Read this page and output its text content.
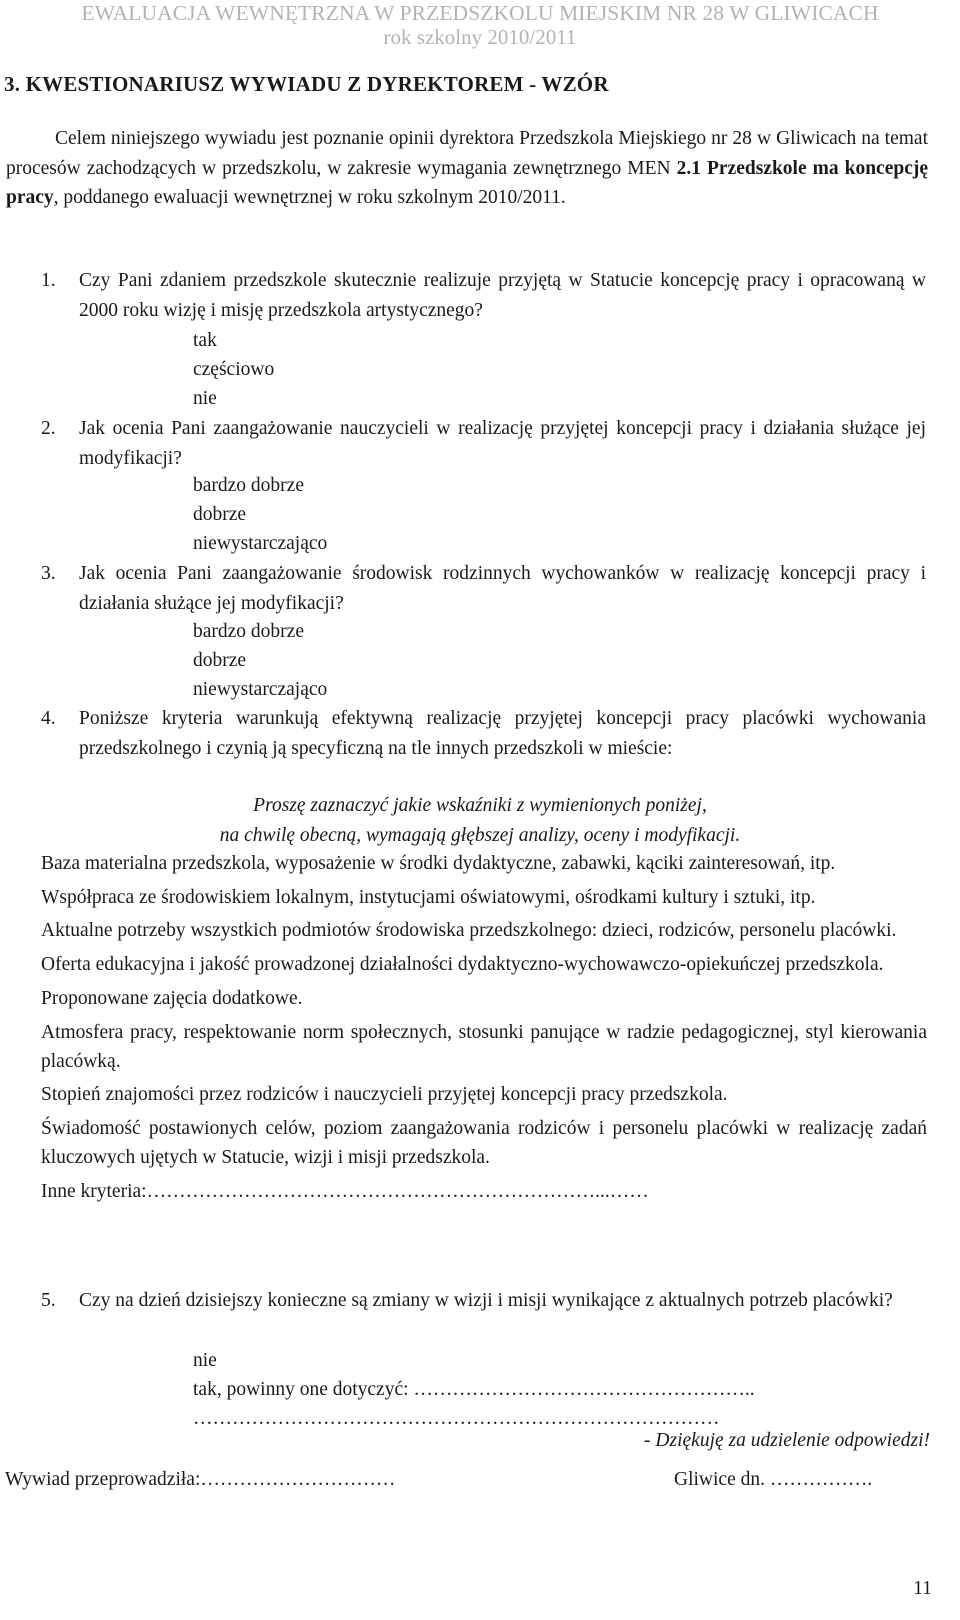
EWALUACJA WEWNĘTRZNA W PRZEDSZKOLU MIEJSKIM NR 28 W GLIWICACH
rok szkolny 2010/2011
3. KWESTIONARIUSZ WYWIADU Z DYREKTOREM - WZÓR
Celem niniejszego wywiadu jest poznanie opinii dyrektora Przedszkola Miejskiego nr 28 w Gliwicach na temat procesów zachodzących w przedszkolu, w zakresie wymagania zewnętrznego MEN 2.1 Przedszkole ma koncepcję pracy, poddanego ewaluacji wewnętrznej w roku szkolnym 2010/2011.
1. Czy Pani zdaniem przedszkole skutecznie realizuje przyjętą w Statucie koncepcję pracy i opracowaną w 2000 roku wizję i misję przedszkola artystycznego?
tak
częściowo
nie
2. Jak ocenia Pani zaangażowanie nauczycieli w realizację przyjętej koncepcji pracy i działania służące jej modyfikacji?
bardzo dobrze
dobrze
niewystarczająco
3. Jak ocenia Pani zaangażowanie środowisk rodzinnych wychowanków w realizację koncepcji pracy i działania służące jej modyfikacji?
bardzo dobrze
dobrze
niewystarczająco
4. Poniższe kryteria warunkują efektywną realizację przyjętej koncepcji pracy placówki wychowania przedszkolnego i czynią ją specyficzną na tle innych przedszkoli w mieście:
Proszę zaznaczyć jakie wskaźniki z wymienionych poniżej,
na chwilę obecną, wymagają głębszej analizy, oceny i modyfikacji.

Baza materialna przedszkola, wyposażenie w środki dydaktyczne, zabawki, kąciki zainteresowań, itp.

Współpraca ze środowiskiem lokalnym, instytucjami oświatowymi, ośrodkami kultury i sztuki, itp.

Aktualne potrzeby wszystkich podmiotów środowiska przedszkolnego: dzieci, rodziców, personelu placówki.

Oferta edukacyjna i jakość prowadzonej działalności dydaktyczno-wychowawczo-opiekuńczej przedszkola.

Proponowane zajęcia dodatkowe.

Atmosfera pracy, respektowanie norm społecznych, stosunki panujące w radzie pedagogicznej, styl kierowania placówką.

Stopień znajomości przez rodziców i nauczycieli przyjętej koncepcji pracy przedszkola.

Świadomość postawionych celów, poziom zaangażowania rodziców i personelu placówki w realizację zadań kluczowych ujętych w Statucie, wizji i misji przedszkola.

Inne kryteria:……………………………………………………………...……

5. Czy na dzień dzisiejszy konieczne są zmiany w wizji i misji wynikające z aktualnych potrzeb placówki?
nie
tak, powinny one dotyczyć: ……………………………………………..
………………………………………………………………………
- Dziękuję za udzielenie odpowiedzi!
Wywiad przeprowadziła:…………………………	Gliwice dn. …………….
11
